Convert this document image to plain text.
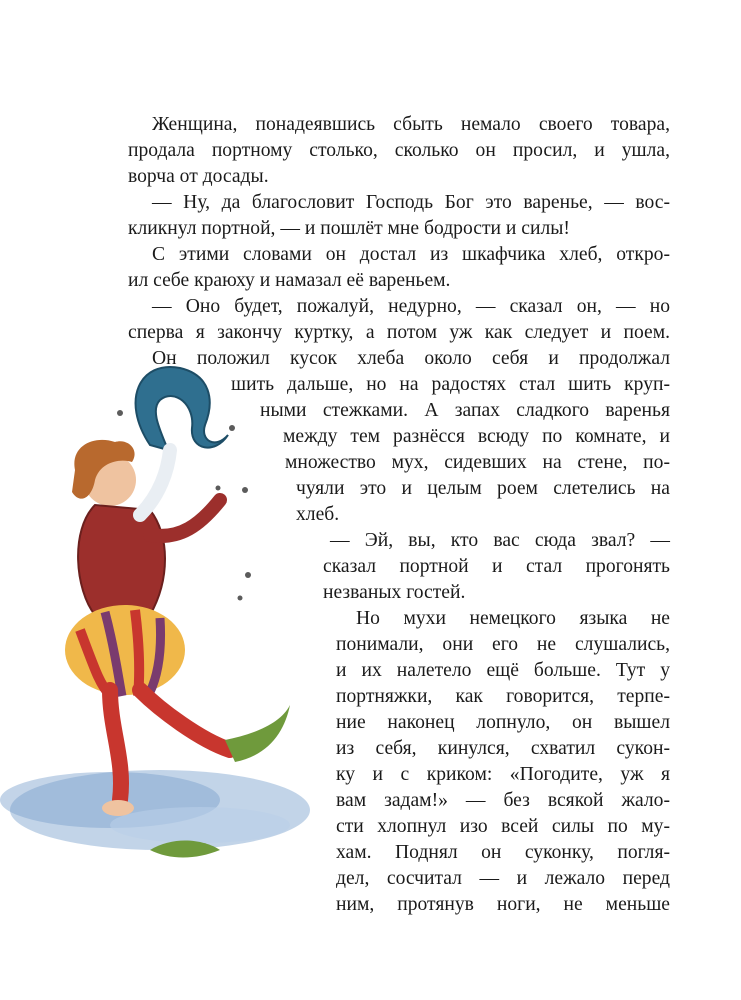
Женщина, понадеявшись сбыть немало своего товара,
продала портному столько, сколько он просил, и ушла,
ворча от досады.
— Ну, да благословит Господь Бог это варенье, — вос-
кликнул портной, — и пошлёт мне бодрости и силы!
С этими словами он достал из шкафчика хлеб, откро-
ил себе краюху и намазал её вареньем.
— Оно будет, пожалуй, недурно, — сказал он, — но
сперва я закончу куртку, а потом уж как следует и поем.
Он положил кусок хлеба около себя и продолжал
шить дальше, но на радостях стал шить круп-
ными стежками. А запах сладкого варенья
между тем разнёсся всюду по комнате, и
множество мух, сидевших на стене, по-
чуяли это и целым роем слетелись на
хлеб.
— Эй, вы, кто вас сюда звал? —
сказал портной и стал прогонять
незваных гостей.
Но мухи немецкого языка не
понимали, они его не слушались,
и их налетело ещё больше. Тут у
портняжки, как говорится, терпе-
ние наконец лопнуло, он вышел
из себя, кинулся, схватил сукон-
ку и с криком: «Погодите, уж я
вам задам!» — без всякой жало-
сти хлопнул изо всей силы по му-
хам. Поднял он суконку, погля-
дел, сосчитал — и лежало перед
ним, протянув ноги, не меньше
